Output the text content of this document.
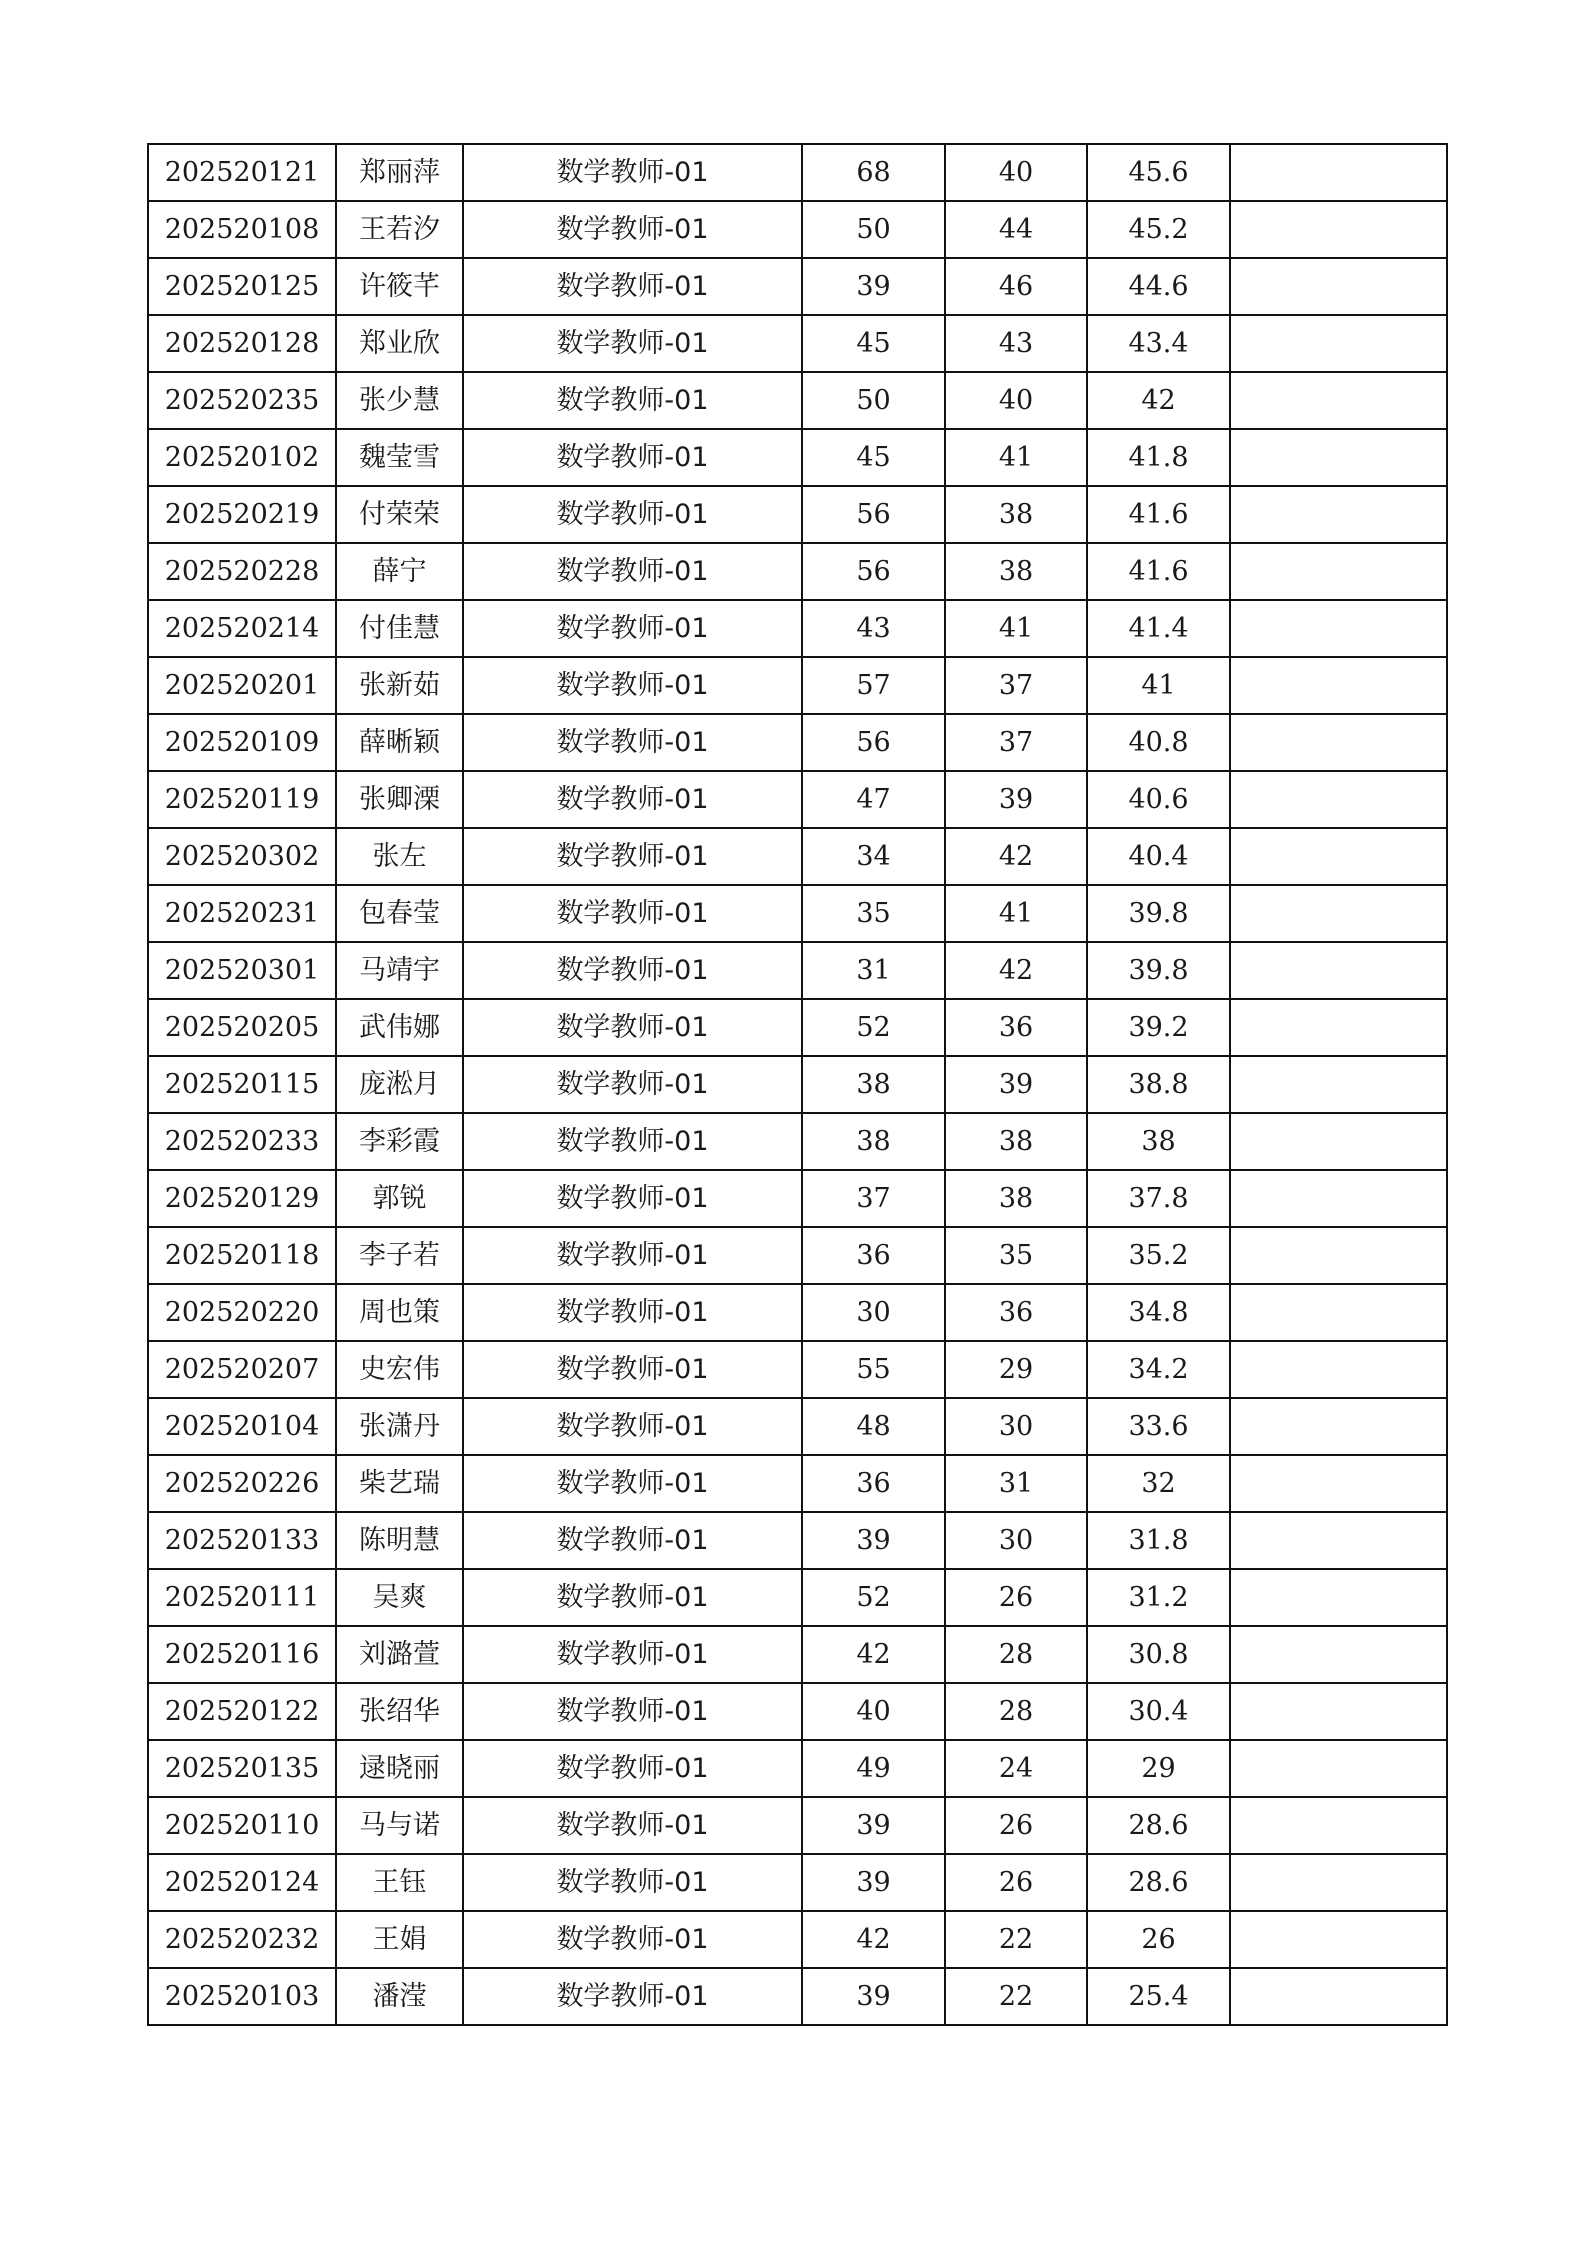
202520121	郑丽萍	数学教师-01	68	40	45.6	
202520108	王若汐	数学教师-01	50	44	45.2	
202520125	许筱芊	数学教师-01	39	46	44.6	
202520128	郑业欣	数学教师-01	45	43	43.4	
202520235	张少慧	数学教师-01	50	40	42	
202520102	魏莹雪	数学教师-01	45	41	41.8	
202520219	付荣荣	数学教师-01	56	38	41.6	
202520228	薛宁	数学教师-01	56	38	41.6	
202520214	付佳慧	数学教师-01	43	41	41.4	
202520201	张新茹	数学教师-01	57	37	41	
202520109	薛晰颖	数学教师-01	56	37	40.8	
202520119	张卿溧	数学教师-01	47	39	40.6	
202520302	张左	数学教师-01	34	42	40.4	
202520231	包春莹	数学教师-01	35	41	39.8	
202520301	马靖宇	数学教师-01	31	42	39.8	
202520205	武伟娜	数学教师-01	52	36	39.2	
202520115	庞淞月	数学教师-01	38	39	38.8	
202520233	李彩霞	数学教师-01	38	38	38	
202520129	郭锐	数学教师-01	37	38	37.8	
202520118	李子若	数学教师-01	36	35	35.2	
202520220	周也策	数学教师-01	30	36	34.8	
202520207	史宏伟	数学教师-01	55	29	34.2	
202520104	张潇丹	数学教师-01	48	30	33.6	
202520226	柴艺瑞	数学教师-01	36	31	32	
202520133	陈明慧	数学教师-01	39	30	31.8	
202520111	吴爽	数学教师-01	52	26	31.2	
202520116	刘潞萱	数学教师-01	42	28	30.8	
202520122	张绍华	数学教师-01	40	28	30.4	
202520135	逯晓丽	数学教师-01	49	24	29	
202520110	马与诺	数学教师-01	39	26	28.6	
202520124	王钰	数学教师-01	39	26	28.6	
202520232	王娟	数学教师-01	42	22	26	
202520103	潘滢	数学教师-01	39	22	25.4	
